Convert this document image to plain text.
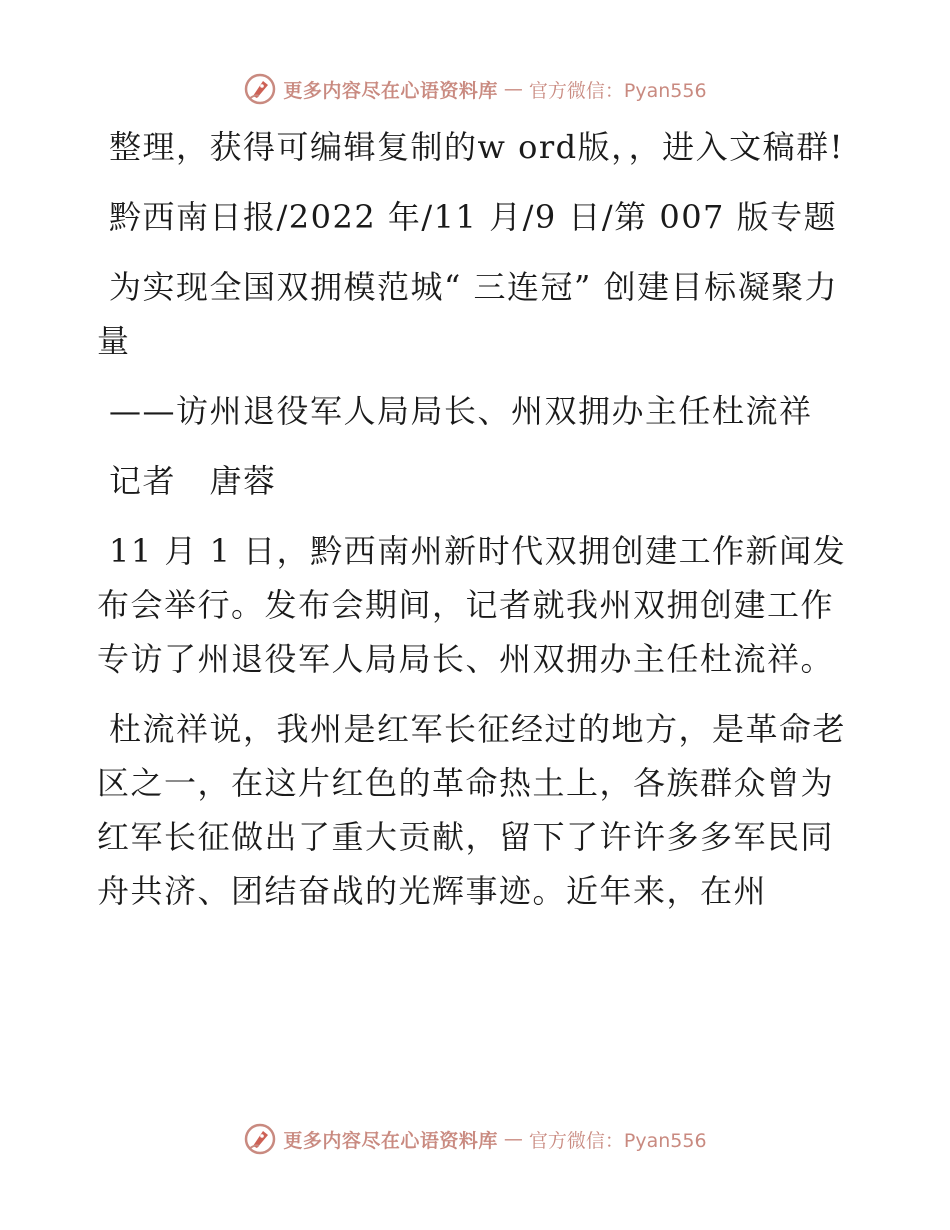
更多内容尽在心语资料库 — 官方微信：Pyan556

整理，获得可编辑复制的w ord版，，进入文稿群!

黔西南日报/2022 年/11 月/9 日/第 007 版专题

为实现全国双拥模范城“ 三连冠” 创建目标凝聚力量

——访州退役军人局局长、州双拥办主任杜流祥

记者　唐蓉

11 月 1 日，黔西南州新时代双拥创建工作新闻发布会举行。发布会期间，记者就我州双拥创建工作专访了州退役军人局局长、州双拥办主任杜流祥。

杜流祥说，我州是红军长征经过的地方，是革命老区之一，在这片红色的革命热土上，各族群众曾为红军长征做出了重大贡献，留下了许许多多军民同舟共济、团结奋战的光辉事迹。近年来，在州

更多内容尽在心语资料库 — 官方微信：Pyan556
